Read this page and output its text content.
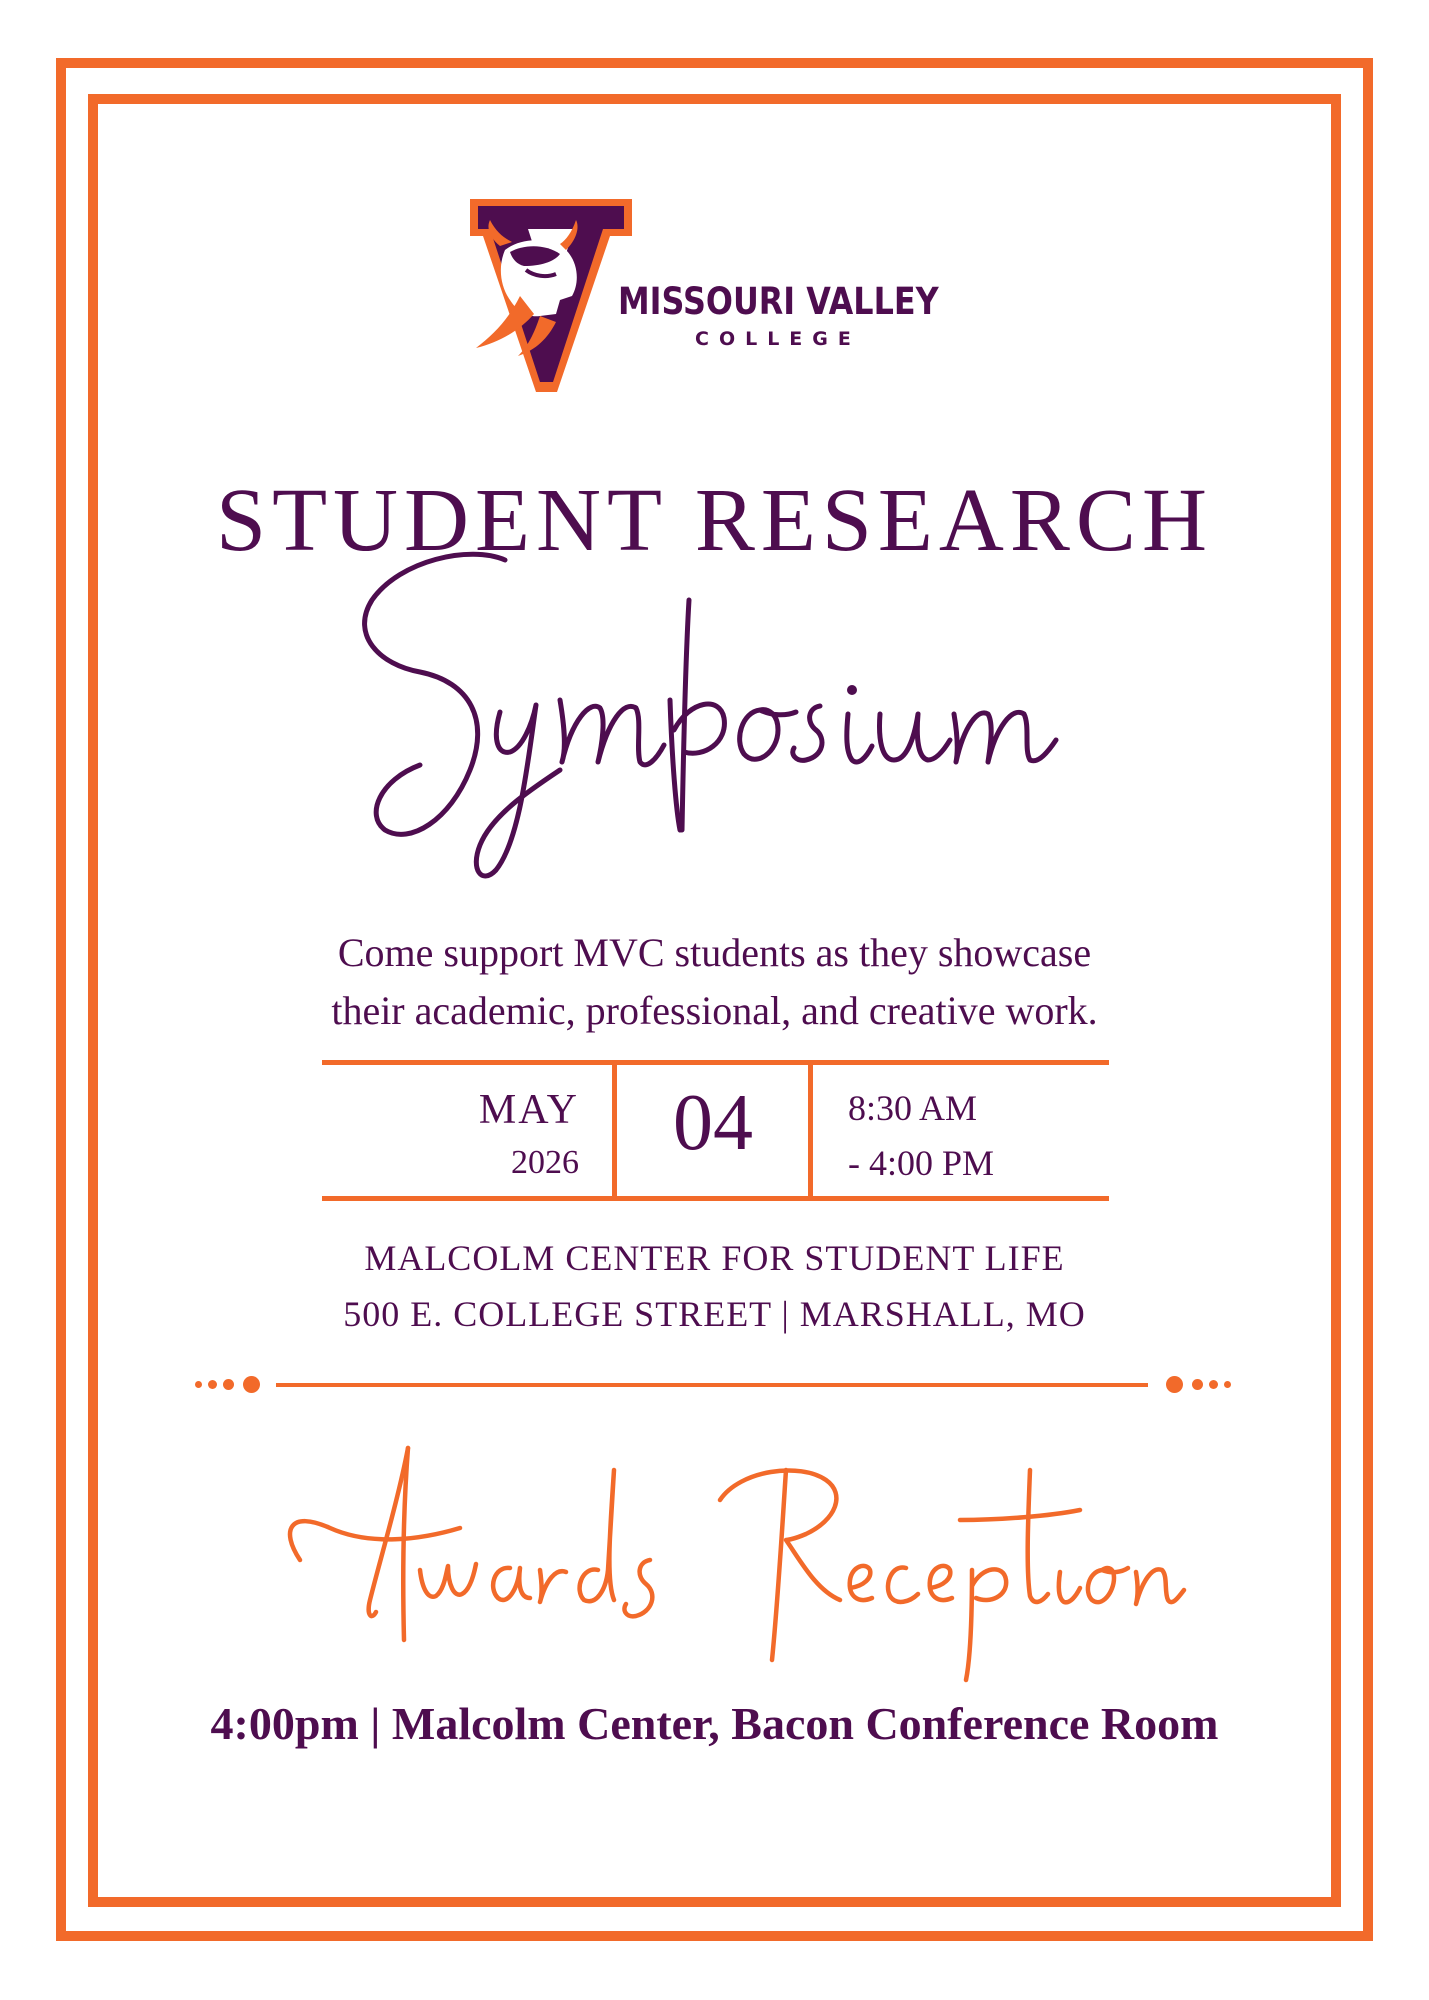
MISSOURI VALLEY
COLLEGE
STUDENT RESEARCH
Come support MVC students as they showcase
their academic, professional, and creative work.
MAY
2026	04	8:30 AM
- 4:00 PM
MALCOLM CENTER FOR STUDENT LIFE
500 E. COLLEGE STREET | MARSHALL, MO
4:00pm | Malcolm Center, Bacon Conference Room
